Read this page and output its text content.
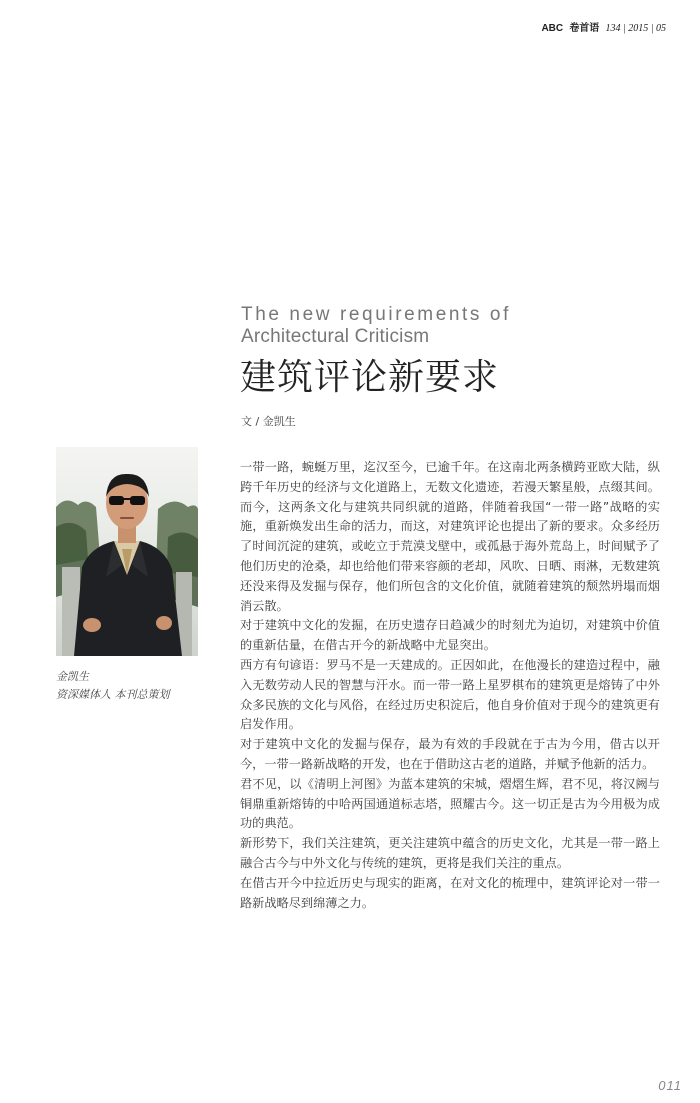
ABC 卷首语 134 | 2015 | 05
The new requirements of
Architectural Criticism
建筑评论新要求
文 / 金凯生
金凯生
资深媒体人 本刊总策划

一带一路，蜿蜒万里，迄汉至今，已逾千年。在这南北两条横跨亚欧大陆，纵跨千年历史的经济与文化道路上，无数文化遗迹，若漫天繁星般，点缀其间。而今，这两条文化与建筑共同织就的道路，伴随着我国“一带一路”战略的实施，重新焕发出生命的活力，而这，对建筑评论也提出了新的要求。众多经历了时间沉淀的建筑，或屹立于荒漠戈壁中，或孤悬于海外荒岛上，时间赋予了他们历史的沧桑，却也给他们带来容颜的老却，风吹、日晒、雨淋，无数建筑还没来得及发掘与保存，他们所包含的文化价值，就随着建筑的颓然坍塌而烟消云散。

对于建筑中文化的发掘，在历史遗存日趋减少的时刻尤为迫切，对建筑中价值的重新估量，在借古开今的新战略中尤显突出。

西方有句谚语：罗马不是一天建成的。正因如此，在他漫长的建造过程中，融入无数劳动人民的智慧与汗水。而一带一路上星罗棋布的建筑更是熔铸了中外众多民族的文化与风俗，在经过历史积淀后，他自身价值对于现今的建筑更有启发作用。

对于建筑中文化的发掘与保存，最为有效的手段就在于古为今用，借古以开今，一带一路新战略的开发，也在于借助这古老的道路，并赋予他新的活力。

君不见，以《清明上河图》为蓝本建筑的宋城，熠熠生辉，君不见，将汉阙与铜鼎重新熔铸的中哈两国通道标志塔，照耀古今。这一切正是古为今用极为成功的典范。

新形势下，我们关注建筑，更关注建筑中蕴含的历史文化，尤其是一带一路上融合古今与中外文化与传统的建筑，更将是我们关注的重点。

在借古开今中拉近历史与现实的距离，在对文化的梳理中，建筑评论对一带一路新战略尽到绵薄之力。

011
